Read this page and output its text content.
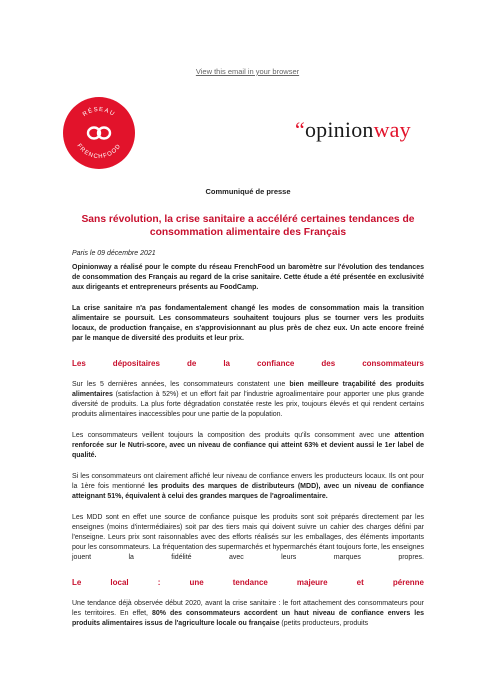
View this email in your browser
RÉSEAU
FRENCHFOOD
“opinionway
Communiqué de presse
Sans révolution, la crise sanitaire a accéléré certaines tendances de consommation alimentaire des Français
Paris le 09 décembre 2021

Opinionway a réalisé pour le compte du réseau FrenchFood un baromètre sur l'évolution des tendances de consommation des Français au regard de la crise sanitaire. Cette étude a été présentée en exclusivité aux dirigeants et entrepreneurs présents au FoodCamp.

La crise sanitaire n'a pas fondamentalement changé les modes de consommation mais la transition alimentaire se poursuit. Les consommateurs souhaitent toujours plus se tourner vers les produits locaux, de production française, en s'approvisionnant au plus près de chez eux. Un acte encore freiné par le manque de diversité des produits et leur prix.

Les dépositaires de la confiance des consommateurs

Sur les 5 dernières années, les consommateurs constatent une bien meilleure traçabilité des produits alimentaires (satisfaction à 52%) et un effort fait par l'industrie agroalimentaire pour apporter une plus grande diversité de produits. La plus forte dégradation constatée reste les prix, toujours élevés et qui rendent certains produits alimentaires inaccessibles pour une partie de la population.

Les consommateurs veillent toujours la composition des produits qu'ils consomment avec une attention renforcée sur le Nutri-score, avec un niveau de confiance qui atteint 63% et devient aussi le 1er label de qualité.

Si les consommateurs ont clairement affiché leur niveau de confiance envers les producteurs locaux. Ils ont pour la 1ère fois mentionné les produits des marques de distributeurs (MDD), avec un niveau de confiance atteignant 51%, équivalent à celui des grandes marques de l'agroalimentaire.

Les MDD sont en effet une source de confiance puisque les produits sont soit préparés directement par les enseignes (moins d'intermédiaires) soit par des tiers mais qui doivent suivre un cahier des charges défini par l'enseigne. Leurs prix sont raisonnables avec des efforts réalisés sur les emballages, des éléments importants pour les consommateurs. La fréquentation des supermarchés et hypermarchés étant toujours forte, les enseignes jouent la fidélité avec leurs marques propres.

Le local : une tendance majeure et pérenne

Une tendance déjà observée début 2020, avant la crise sanitaire : le fort attachement des consommateurs pour les territoires. En effet, 80% des consommateurs accordent un haut niveau de confiance envers les produits alimentaires issus de l'agriculture locale ou française (petits producteurs, produits
